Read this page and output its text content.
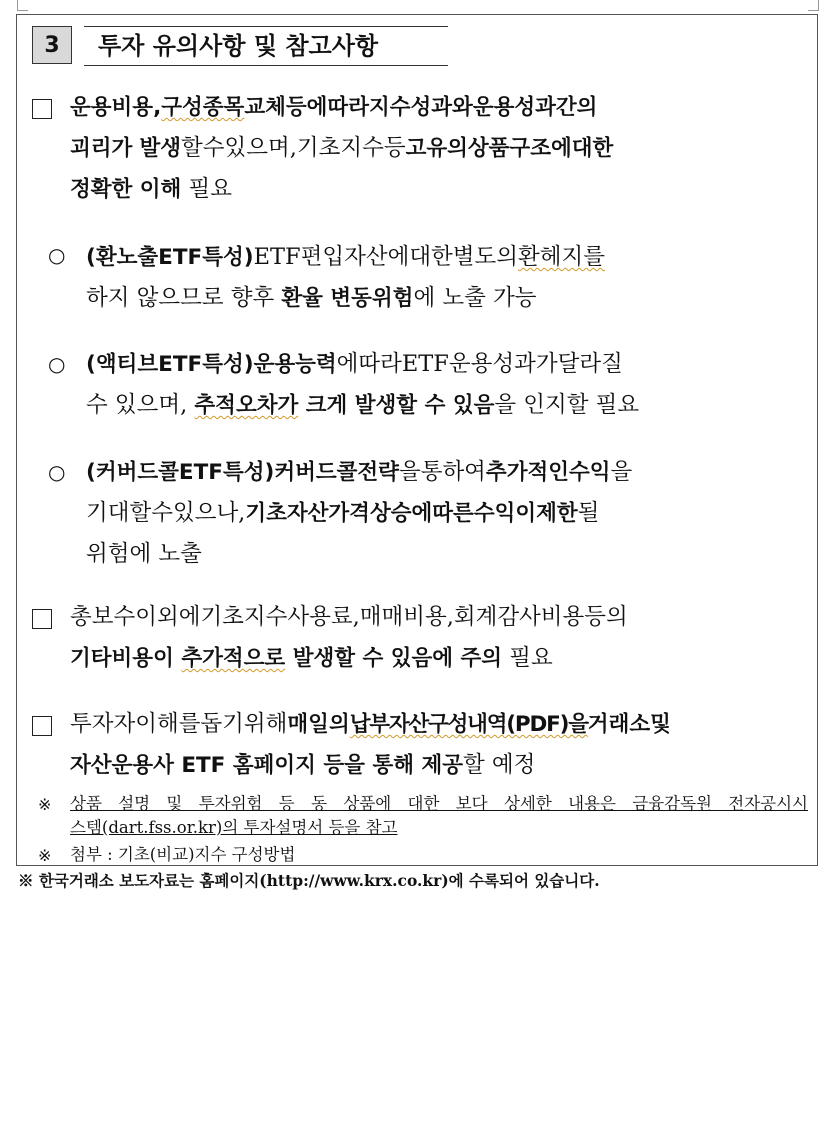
3	투자 유의사항 및 참고사항
운용비용,구성종목교체등에따라지수성과와운용성과간의
괴리가 발생할수있으며,기초지수등고유의상품구조에대한
정확한 이해 필요
○ (환노출ETF특성)ETF편입자산에대한별도의환헤지를
하지 않으므로 향후 환율 변동위험에 노출 가능
○ (액티브ETF특성)운용능력에따라ETF운용성과가달라질
수 있으며, 추적오차가 크게 발생할 수 있음을 인지할 필요
○ (커버드콜ETF특성)커버드콜전략을통하여추가적인수익을
기대할수있으나,기초자산가격상승에따른수익이제한될
위험에 노출
총보수이외에기초지수사용료,매매비용,회계감사비용등의
기타비용이 추가적으로 발생할 수 있음에 주의 필요
투자자이해를돕기위해매일의납부자산구성내역(PDF)을거래소및
자산운용사 ETF 홈페이지 등을 통해 제공할 예정
※ 상품 설명 및 투자위험 등 동 상품에 대한 보다 상세한 내용은 금융감독원 전자공시시
스템(dart.fss.or.kr)의 투자설명서 등을 참고
※ 첨부 : 기초(비교)지수 구성방법
※ 한국거래소 보도자료는 홈페이지(http://www.krx.co.kr)에 수록되어 있습니다.
